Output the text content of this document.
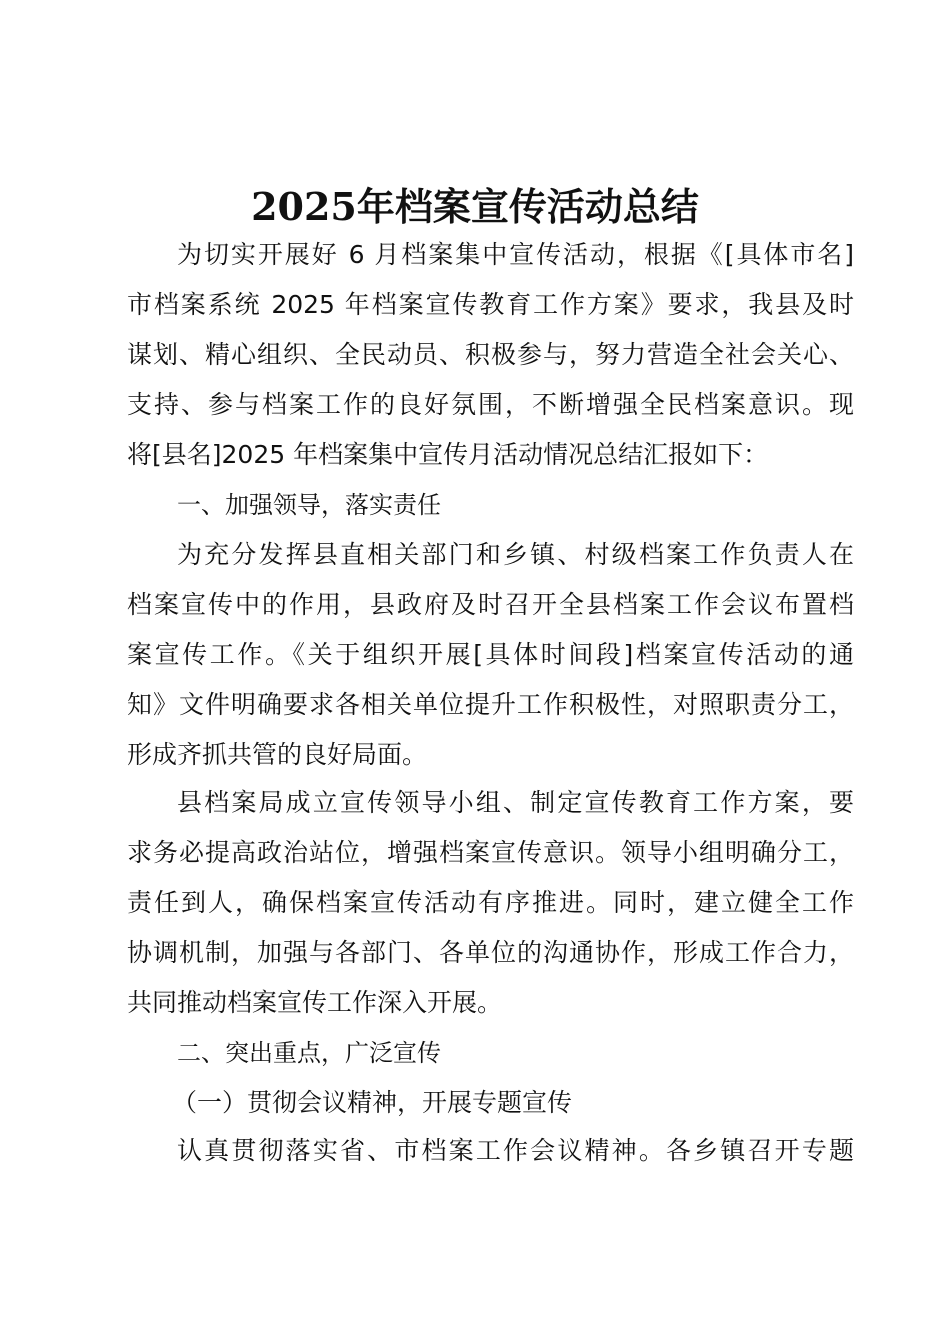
2025年档案宣传活动总结
为切实开展好 6 月档案集中宣传活动，根据《[具体市名]
市档案系统 2025 年档案宣传教育工作方案》要求，我县及时
谋划、精心组织、全民动员、积极参与，努力营造全社会关心、
支持、参与档案工作的良好氛围，不断增强全民档案意识。现
将[县名]2025 年档案集中宣传月活动情况总结汇报如下：
一、加强领导，落实责任
为充分发挥县直相关部门和乡镇、村级档案工作负责人在
档案宣传中的作用，县政府及时召开全县档案工作会议布置档
案宣传工作。《关于组织开展[具体时间段]档案宣传活动的通
知》文件明确要求各相关单位提升工作积极性，对照职责分工，
形成齐抓共管的良好局面。
县档案局成立宣传领导小组、制定宣传教育工作方案，要
求务必提高政治站位，增强档案宣传意识。领导小组明确分工，
责任到人，确保档案宣传活动有序推进。同时，建立健全工作
协调机制，加强与各部门、各单位的沟通协作，形成工作合力，
共同推动档案宣传工作深入开展。
二、突出重点，广泛宣传
（一）贯彻会议精神，开展专题宣传
认真贯彻落实省、市档案工作会议精神。各乡镇召开专题
